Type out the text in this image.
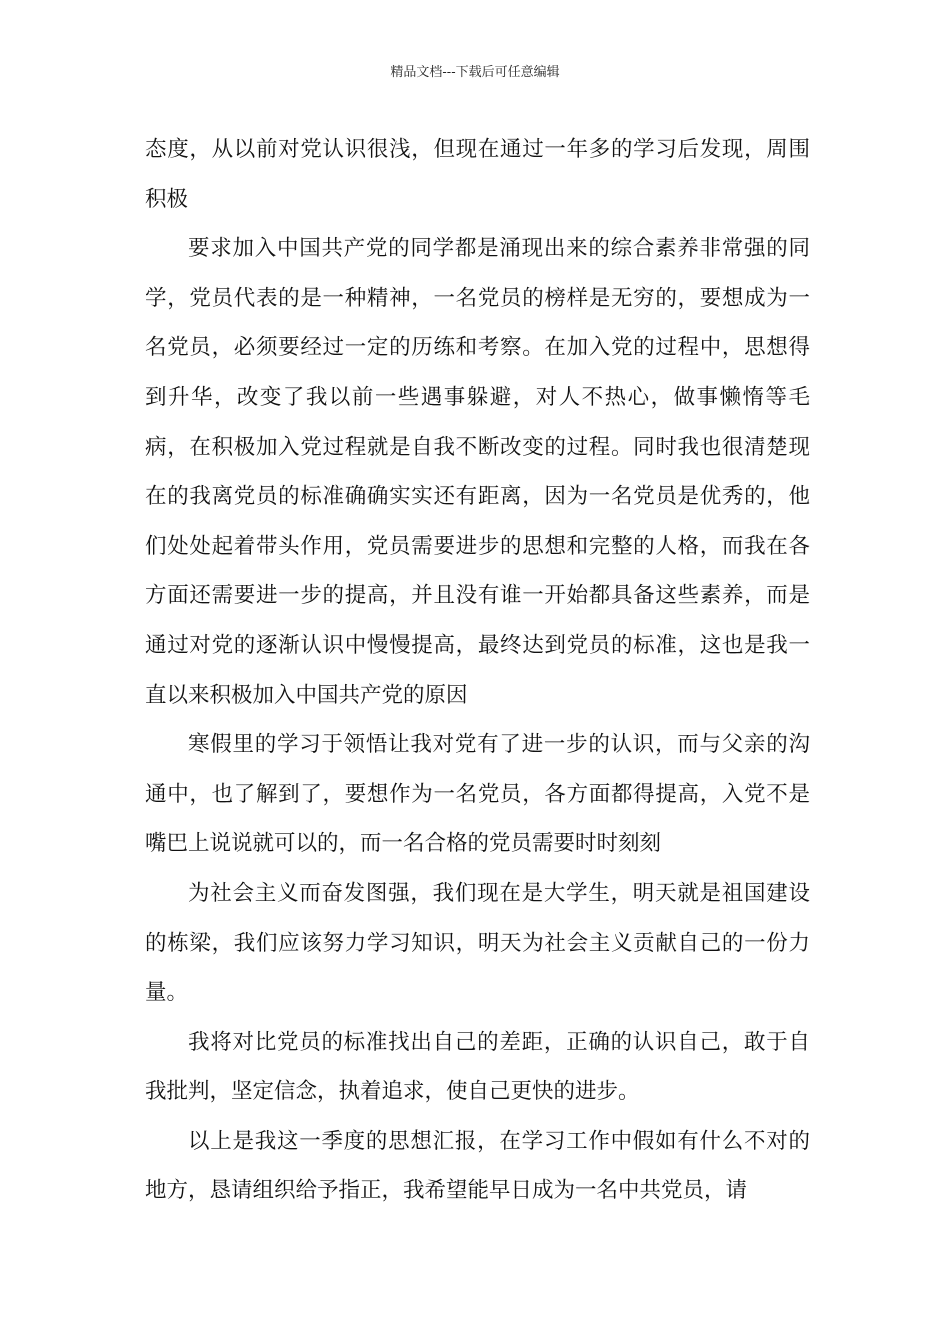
精品文档---下载后可任意编辑

态度，从以前对党认识很浅，但现在通过一年多的学习后发现，周围积极

要求加入中国共产党的同学都是涌现出来的综合素养非常强的同学，党员代表的是一种精神，一名党员的榜样是无穷的，要想成为一名党员，必须要经过一定的历练和考察。在加入党的过程中，思想得到升华，改变了我以前一些遇事躲避，对人不热心，做事懒惰等毛病，在积极加入党过程就是自我不断改变的过程。同时我也很清楚现在的我离党员的标准确确实实还有距离，因为一名党员是优秀的，他们处处起着带头作用，党员需要进步的思想和完整的人格，而我在各方面还需要进一步的提高，并且没有谁一开始都具备这些素养，而是通过对党的逐渐认识中慢慢提高，最终达到党员的标准，这也是我一直以来积极加入中国共产党的原因

寒假里的学习于领悟让我对党有了进一步的认识，而与父亲的沟通中，也了解到了，要想作为一名党员，各方面都得提高，入党不是嘴巴上说说就可以的，而一名合格的党员需要时时刻刻

为社会主义而奋发图强，我们现在是大学生，明天就是祖国建设的栋梁，我们应该努力学习知识，明天为社会主义贡献自己的一份力量。

我将对比党员的标准找出自己的差距，正确的认识自己，敢于自我批判，坚定信念，执着追求，使自己更快的进步。

以上是我这一季度的思想汇报，在学习工作中假如有什么不对的地方，恳请组织给予指正，我希望能早日成为一名中共党员，请
